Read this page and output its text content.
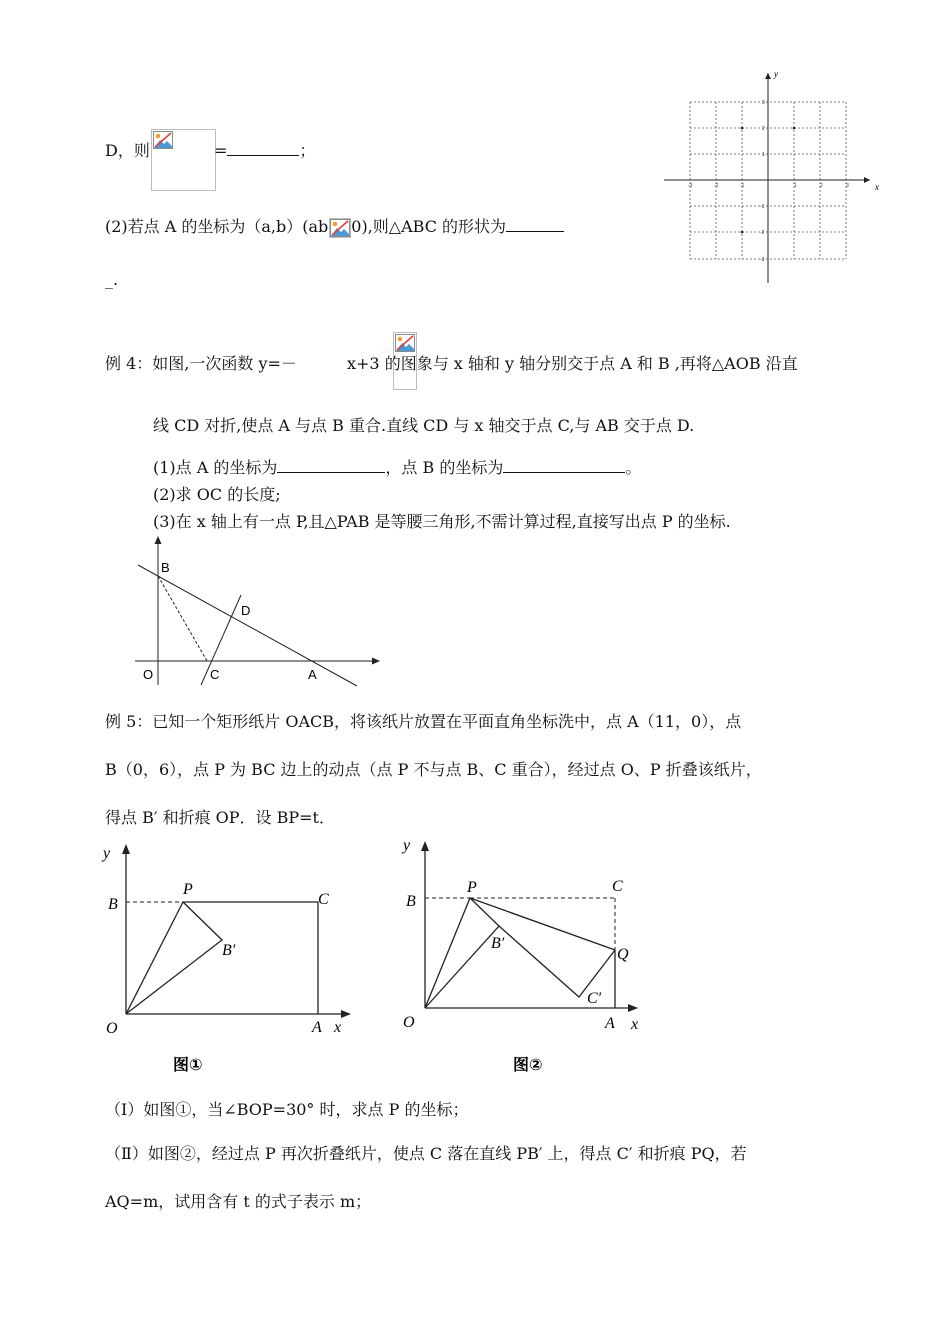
D，则
	=	；
(2)若点 A 的坐标为（a,b）(ab 0),则△ABC 的形状为
_.
x
y
-3	-2	-1	1	2	3
3
2
1
-1
-2
-3
例 4：如图,一次函数 y=－	x+3 的图象与 x 轴和 y 轴分别交于点 A 和 B ,再将△AOB 沿直
线 CD 对折,使点 A 与点 B 重合.直线 CD 与 x 轴交于点 C,与 AB 交于点 D.
(1)点 A 的坐标为	，点 B 的坐标为	。
(2)求 OC 的长度;
(3)在 x 轴上有一点 P,且△PAB 是等腰三角形,不需计算过程,直接写出点 P 的坐标.
B
D
O	C	A
例 5：已知一个矩形纸片 OACB，将该纸片放置在平面直角坐标洗中，点 A（11，0），点
B（0，6），点 P 为 BC 边上的动点（点 P 不与点 B、C 重合），经过点 O、P 折叠该纸片，
得点 B′ 和折痕 OP．设 BP=t．
y
B
P
C
B′
O	A x
图①
y
B
P	C
B′
Q
C′
O	A x
图②
（Ⅰ）如图①，当∠BOP=30° 时，求点 P 的坐标；
（Ⅱ）如图②，经过点 P 再次折叠纸片，使点 C 落在直线 PB′ 上，得点 C′ 和折痕 PQ，若
AQ=m，试用含有 t 的式子表示 m；
